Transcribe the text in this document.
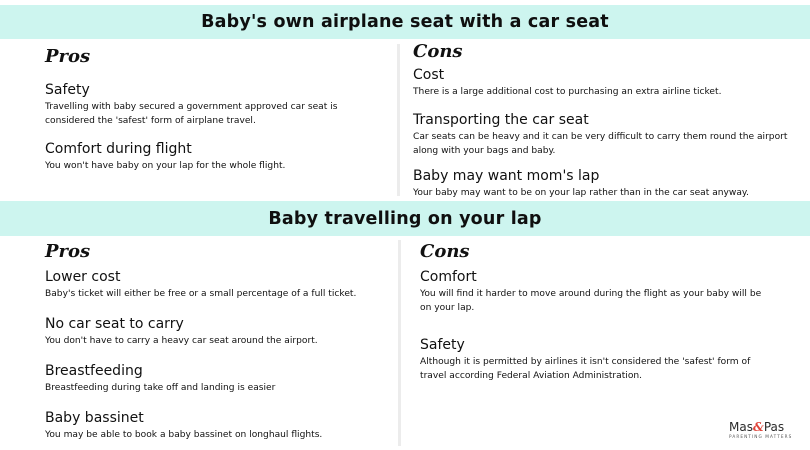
Baby's own airplane seat with a car seat
Pros
Safety
Travelling with baby secured a government approved car seat is considered the 'safest' form of airplane travel.
Comfort during flight
You won't have baby on your lap for the whole flight.
Cons
Cost
There is a large additional cost to purchasing an extra airline ticket.
Transporting the car seat
Car seats can be heavy and it can be very difficult to carry them round the airport along with your bags and baby.
Baby may want mom's lap
Your baby may want to be on your lap rather than in the car seat anyway.
Baby travelling on your lap
Pros
Lower cost
Baby's ticket will either be free or a small percentage of a full ticket.
No car seat to carry
You don't have to carry a heavy car seat around the airport.
Breastfeeding
Breastfeeding during take off and landing is easier
Baby bassinet
You may be able to book a baby bassinet on longhaul flights.
Cons
Comfort
You will find it harder to move around during the flight as your baby will be on your lap.
Safety
Although it is permitted by airlines it isn't considered the 'safest' form of travel according Federal Aviation Administration.
Mas&Pas
PARENTING MATTERS
